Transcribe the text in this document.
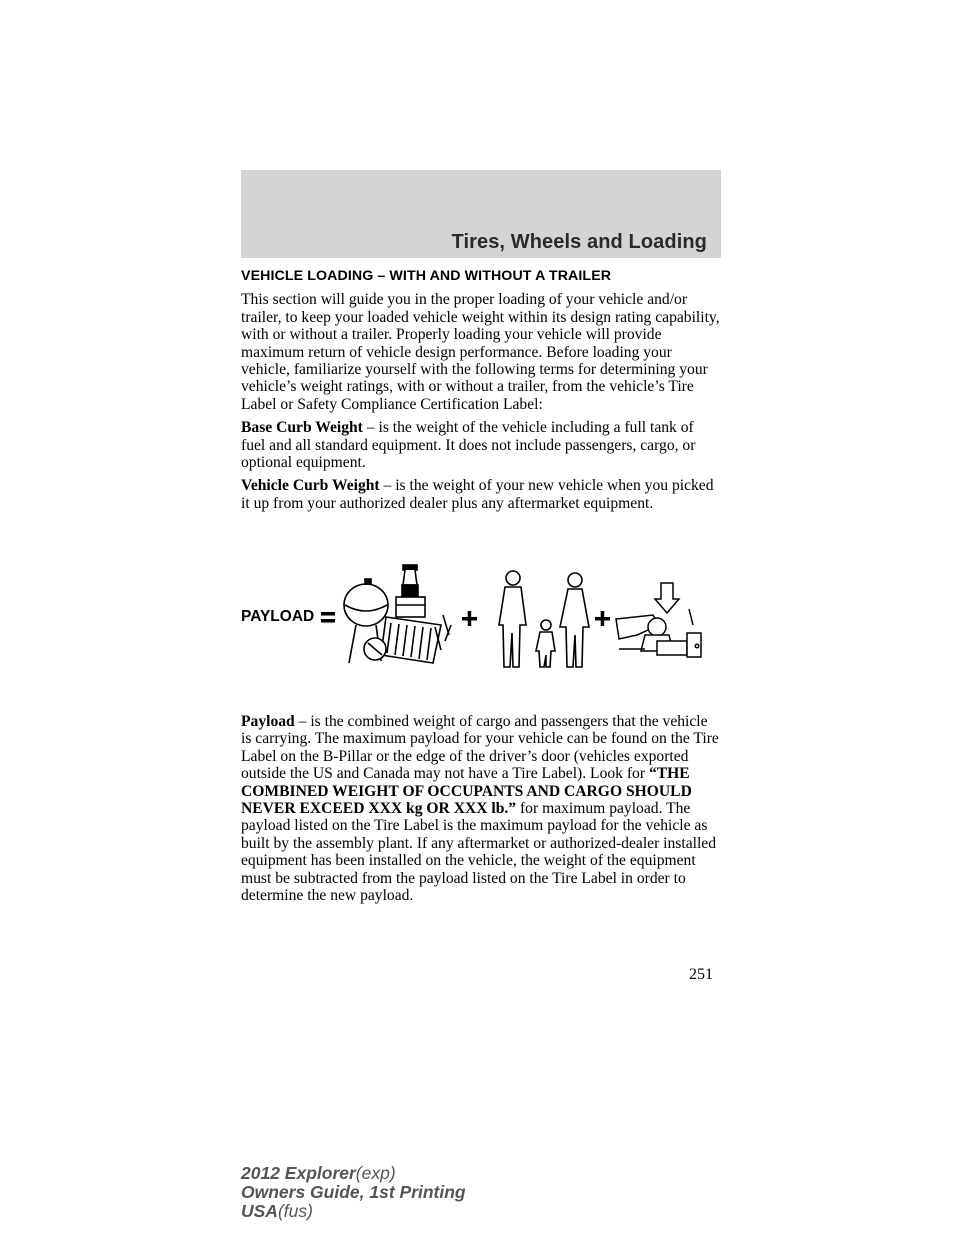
Tires, Wheels and Loading
VEHICLE LOADING – WITH AND WITHOUT A TRAILER

This section will guide you in the proper loading of your vehicle and/or trailer, to keep your loaded vehicle weight within its design rating capability, with or without a trailer. Properly loading your vehicle will provide maximum return of vehicle design performance. Before loading your vehicle, familiarize yourself with the following terms for determining your vehicle’s weight ratings, with or without a trailer, from the vehicle’s Tire Label or Safety Compliance Certification Label:

Base Curb Weight – is the weight of the vehicle including a full tank of fuel and all standard equipment. It does not include passengers, cargo, or optional equipment.

Vehicle Curb Weight – is the weight of your new vehicle when you picked it up from your authorized dealer plus any aftermarket equipment.

PAYLOAD

Payload – is the combined weight of cargo and passengers that the vehicle is carrying. The maximum payload for your vehicle can be found on the Tire Label on the B-Pillar or the edge of the driver’s door (vehicles exported outside the US and Canada may not have a Tire Label). Look for “THE COMBINED WEIGHT OF OCCUPANTS AND CARGO SHOULD NEVER EXCEED XXX kg OR XXX lb.” for maximum payload. The payload listed on the Tire Label is the maximum payload for the vehicle as built by the assembly plant. If any aftermarket or authorized-dealer installed equipment has been installed on the vehicle, the weight of the equipment must be subtracted from the payload listed on the Tire Label in order to determine the new payload.

251
2012 Explorer(exp)
Owners Guide, 1st Printing
USA(fus)
